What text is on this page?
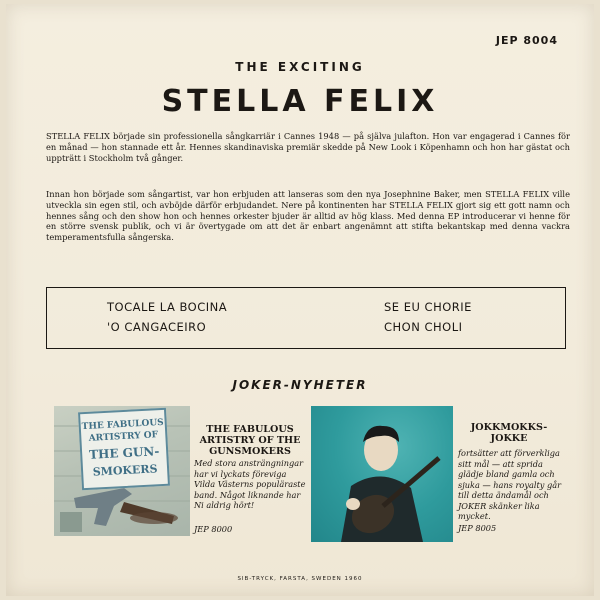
JEP 8004
THE EXCITING
STELLA FELIX
STELLA FELIX började sin professionella sångkarriär i Cannes 1948 — på själva julafton. Hon var engagerad i Cannes för en månad — hon stannade ett år. Hennes skandinaviska premiär skedde på New Look i Köpenhamn och hon har gästat och uppträtt i Stockholm två gånger.
Innan hon började som sångartist, var hon erbjuden att lanseras som den nya Josephnine Baker, men STELLA FELIX ville utveckla sin egen stil, och avböjde därför erbjudandet. Nere på kontinenten har STELLA FELIX gjort sig ett gott namn och hennes sång och den show hon och hennes orkester bjuder är alltid av hög klass. Med denna EP introducerar vi henne för en större svensk publik, och vi är övertygade om att det är enbart angenämnt att stifta bekantskap med denna vackra temperamentsfulla sångerska.
TOCALE LA BOCINA
'O CANGACEIRO
SE EU CHORIE
CHON CHOLI
JOKER-NYHETER
THE FABULOUS
ARTISTRY OF
THE GUN-
SMOKERS
THE FABULOUS ARTISTRY OF THE GUNSMOKERS
Med stora ansträngningar har vi lyckats föreviga Vilda Västerns populäraste band. Något liknande har Ni aldrig hört!
JEP 8000
JOKKMOKKS-JOKKE
fortsätter att förverkliga sitt mål — att sprida glädje bland gamla och sjuka — hans royalty går till detta ändamål och JOKER skänker lika mycket.
JEP 8005
SIB-TRYCK, FARSTA, SWEDEN 1960
